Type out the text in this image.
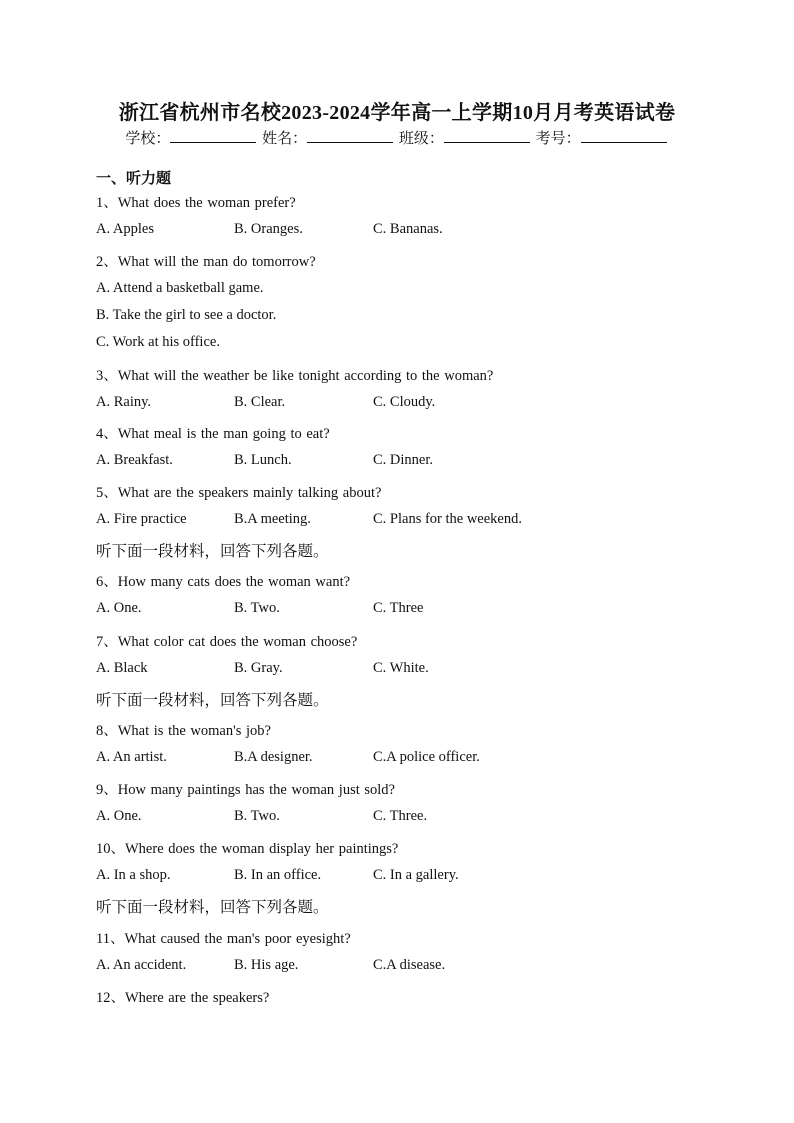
浙江省杭州市名校2023-2024学年高一上学期10月月考英语试卷
学校：	姓名：	班级：	考号：
一、听力题
1、What does the woman prefer?
A. Apples	B. Oranges.	C. Bananas.
2、What will the man do tomorrow?
A. Attend a basketball game.
B. Take the girl to see a doctor.
C. Work at his office.
3、What will the weather be like tonight according to the woman?
A. Rainy.	B. Clear.	C. Cloudy.
4、What meal is the man going to eat?
A. Breakfast.	B. Lunch.	C. Dinner.
5、What are the speakers mainly talking about?
A. Fire practice	B.A meeting.	C. Plans for the weekend.
听下面一段材料，回答下列各题。
6、How many cats does the woman want?
A. One.	B. Two.	C. Three
7、What color cat does the woman choose?
A. Black	B. Gray.	C. White.
听下面一段材料，回答下列各题。
8、What is the woman's job?
A. An artist.	B.A designer.	C.A police officer.
9、How many paintings has the woman just sold?
A. One.	B. Two.	C. Three.
10、Where does the woman display her paintings?
A. In a shop.	B. In an office.	C. In a gallery.
听下面一段材料，回答下列各题。
11、What caused the man's poor eyesight?
A. An accident.	B. His age.	C.A disease.
12、Where are the speakers?
